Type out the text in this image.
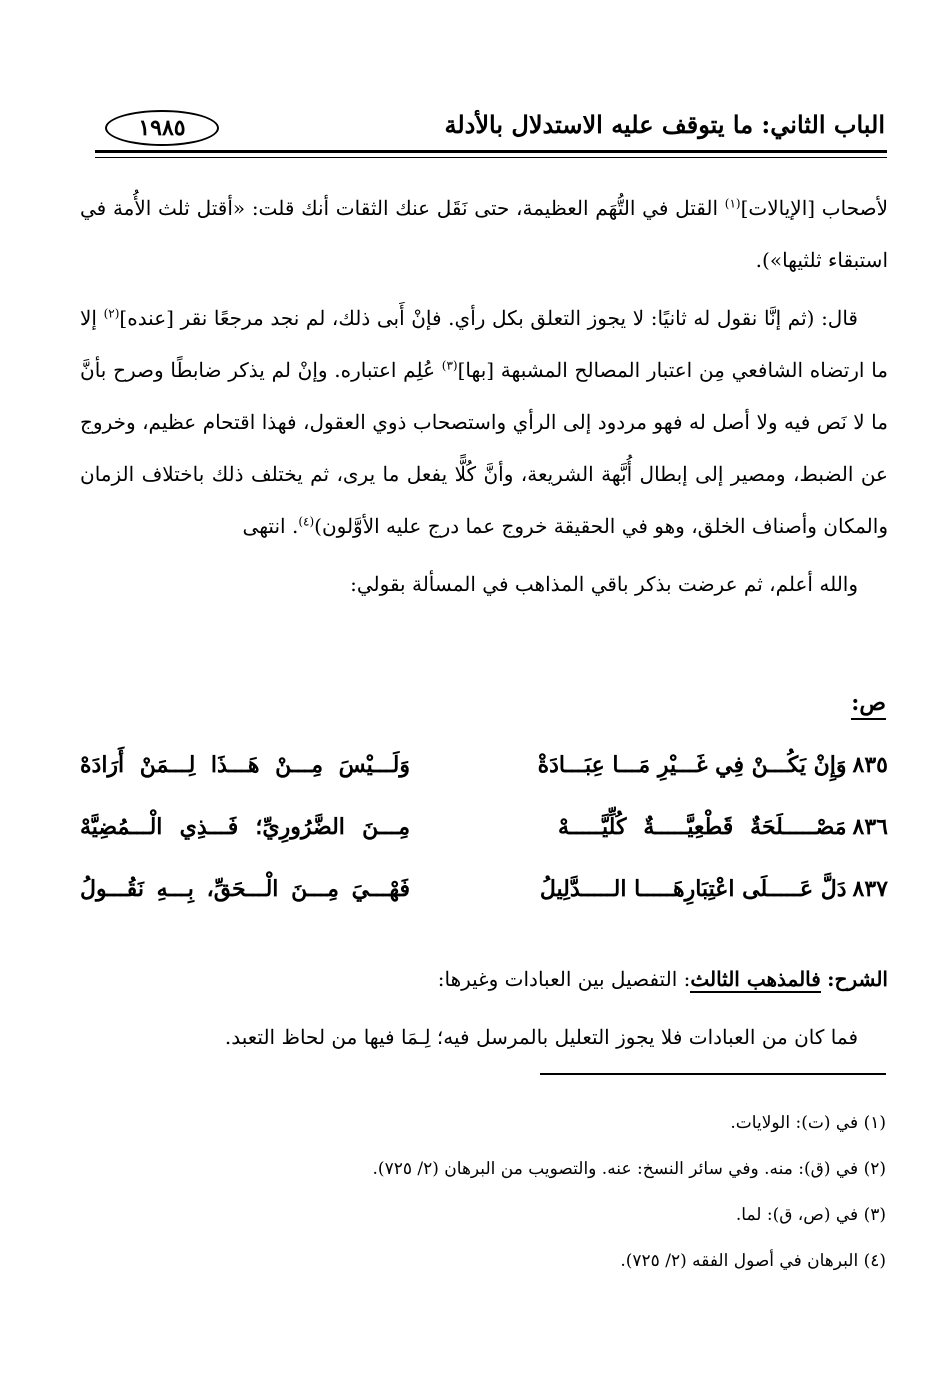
الباب الثاني: ما يتوقف عليه الاستدلال بالأدلة
١٩٨٥

لأصحاب [الإيالات]$^{(١)}$ القتل في التُّهَم العظيمة، حتى نَقَل عنك الثقات أنك قلت: «أقتل ثلث الأُمة في استبقاء ثلثيها»).

قال: (ثم إنَّا نقول له ثانيًا: لا يجوز التعلق بكل رأي. فإنْ أَبى ذلك، لم نجد مرجعًا نقر [عنده]$^{(٢)}$ إلا ما ارتضاه الشافعي مِن اعتبار المصالح المشبهة [بها]$^{(٣)}$ عُلِم اعتباره. وإنْ لم يذكر ضابطًا وصرح بأنَّ ما لا نَص فيه ولا أصل له فهو مردود إلى الرأي واستصحاب ذوي العقول، فهذا اقتحام عظيم، وخروج عن الضبط، ومصير إلى إبطال أُبَّهة الشريعة، وأنَّ كُلًّا يفعل ما يرى، ثم يختلف ذلك باختلاف الزمان والمكان وأصناف الخلق، وهو في الحقيقة خروج عما درج عليه الأوَّلون)$^{(٤)}$. انتهى

والله أعلم، ثم عرضت بذكر باقي المذاهب في المسألة بقولي:

ص:
٨٣٥وَإِنْ يَكُـــنْ فِي غَـــيْرِ مَـــا عِبَـــادَةْ
وَلَـــيْسَ مِـــنْ هَـــذَا لِـــمَنْ أَرَادَهْ
٨٣٦مَصْـــــلَحَةٌ قَطْعِيَّـــــةٌ كُلِّيَّـــــهْ
مِـــنَ الضَّرُورِيِّ؛ فَـــذِي الْـــمُضِيَّهْ
٨٣٧دَلَّ عَـــــلَى اعْتِبَارِهَـــــا الـــــدَّلِيلُ
فَهْـــيَ مِـــنَ الْـــحَقِّ، بِـــهِ نَقُـــولُ

الشرح: فالمذهب الثالث: التفصيل بين العبادات وغيرها:

فما كان من العبادات فلا يجوز التعليل بالمرسل فيه؛ لِـمَا فيها من لحاظ التعبد.

(١) في (ت): الولايات.
(٢) في (ق): منه. وفي سائر النسخ: عنه. والتصويب من البرهان (٢/ ٧٢٥).
(٣) في (ص، ق): لما.
(٤) البرهان في أصول الفقه (٢/ ٧٢٥).
